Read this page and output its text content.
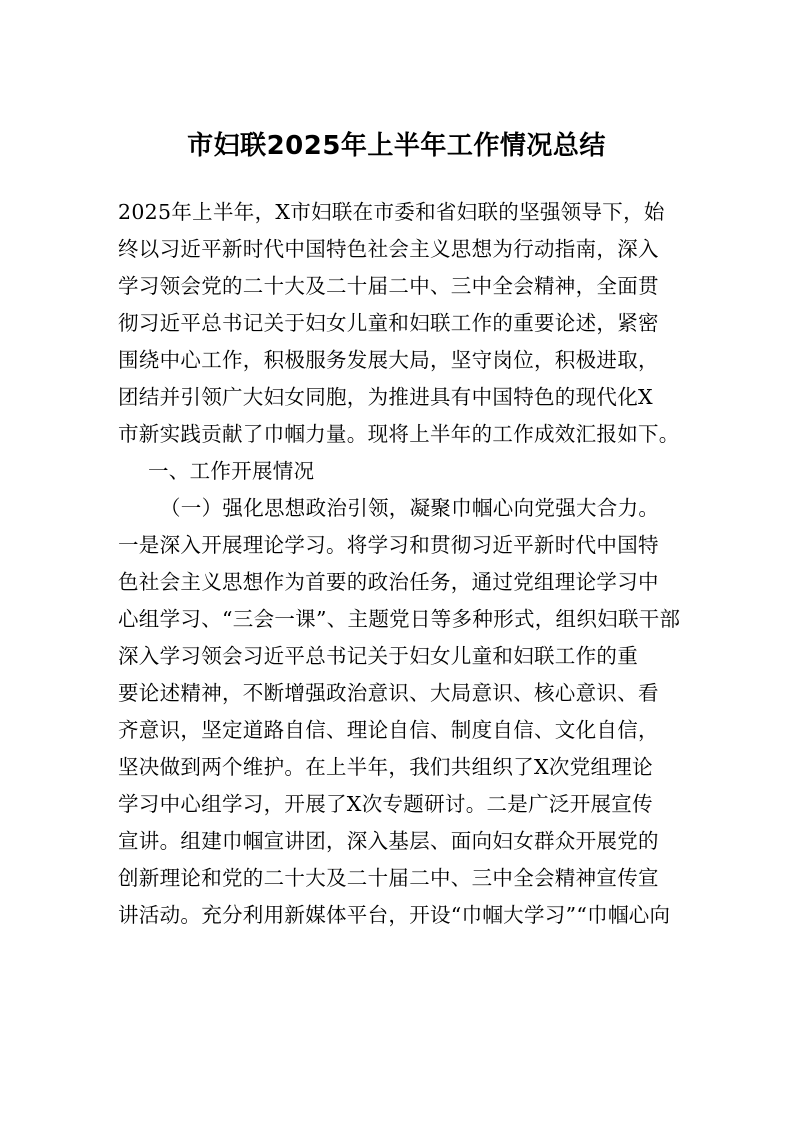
市妇联2025年上半年工作情况总结
2025年上半年，X市妇联在市委和省妇联的坚强领导下，始
终以习近平新时代中国特色社会主义思想为行动指南，深入
学习领会党的二十大及二十届二中、三中全会精神，全面贯
彻习近平总书记关于妇女儿童和妇联工作的重要论述，紧密
围绕中心工作，积极服务发展大局，坚守岗位，积极进取，
团结并引领广大妇女同胞，为推进具有中国特色的现代化X
市新实践贡献了巾帼力量。现将上半年的工作成效汇报如下。
一、工作开展情况
（一）强化思想政治引领，凝聚巾帼心向党强大合力。
一是深入开展理论学习。将学习和贯彻习近平新时代中国特
色社会主义思想作为首要的政治任务，通过党组理论学习中
心组学习、“三会一课”、主题党日等多种形式，组织妇联干部
深入学习领会习近平总书记关于妇女儿童和妇联工作的重
要论述精神，不断增强政治意识、大局意识、核心意识、看
齐意识，坚定道路自信、理论自信、制度自信、文化自信，
坚决做到两个维护。在上半年，我们共组织了X次党组理论
学习中心组学习，开展了X次专题研讨。二是广泛开展宣传
宣讲。组建巾帼宣讲团，深入基层、面向妇女群众开展党的
创新理论和党的二十大及二十届二中、三中全会精神宣传宣
讲活动。充分利用新媒体平台，开设“巾帼大学习”“巾帼心向
